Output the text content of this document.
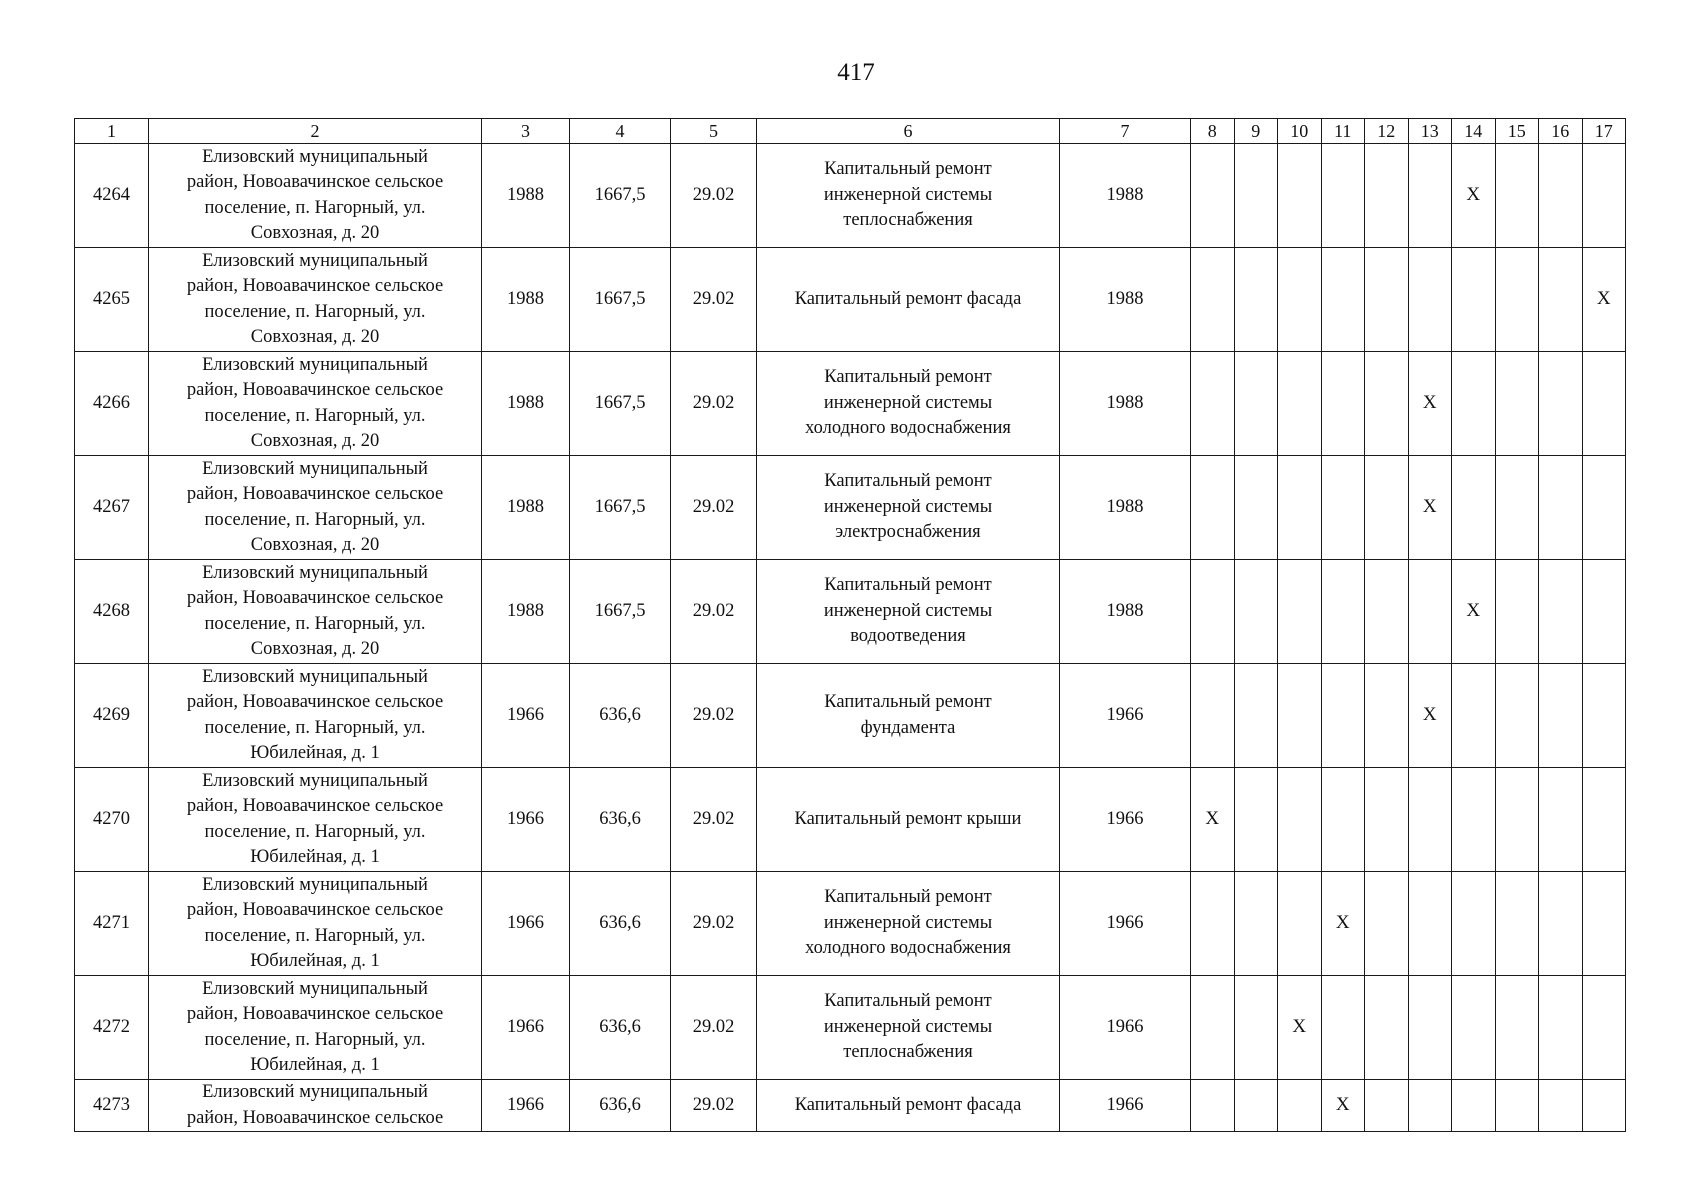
417
1	2	3	4	5	6	7	8	9	10	11	12	13	14	15	16	17
4264	Елизовский муниципальный
район, Новоавачинское сельское
поселение, п. Нагорный, ул.
Совхозная, д. 20	1988	1667,5	29.02	Капитальный ремонт
инженерной системы
теплоснабжения	1988							X			
4265	Елизовский муниципальный
район, Новоавачинское сельское
поселение, п. Нагорный, ул.
Совхозная, д. 20	1988	1667,5	29.02	Капитальный ремонт фасада	1988										X
4266	Елизовский муниципальный
район, Новоавачинское сельское
поселение, п. Нагорный, ул.
Совхозная, д. 20	1988	1667,5	29.02	Капитальный ремонт
инженерной системы
холодного водоснабжения	1988						X				
4267	Елизовский муниципальный
район, Новоавачинское сельское
поселение, п. Нагорный, ул.
Совхозная, д. 20	1988	1667,5	29.02	Капитальный ремонт
инженерной системы
электроснабжения	1988						X				
4268	Елизовский муниципальный
район, Новоавачинское сельское
поселение, п. Нагорный, ул.
Совхозная, д. 20	1988	1667,5	29.02	Капитальный ремонт
инженерной системы
водоотведения	1988							X			
4269	Елизовский муниципальный
район, Новоавачинское сельское
поселение, п. Нагорный, ул.
Юбилейная, д. 1	1966	636,6	29.02	Капитальный ремонт
фундамента	1966						X				
4270	Елизовский муниципальный
район, Новоавачинское сельское
поселение, п. Нагорный, ул.
Юбилейная, д. 1	1966	636,6	29.02	Капитальный ремонт крыши	1966	X									
4271	Елизовский муниципальный
район, Новоавачинское сельское
поселение, п. Нагорный, ул.
Юбилейная, д. 1	1966	636,6	29.02	Капитальный ремонт
инженерной системы
холодного водоснабжения	1966				X						
4272	Елизовский муниципальный
район, Новоавачинское сельское
поселение, п. Нагорный, ул.
Юбилейная, д. 1	1966	636,6	29.02	Капитальный ремонт
инженерной системы
теплоснабжения	1966			X							
4273	Елизовский муниципальный
район, Новоавачинское сельское	1966	636,6	29.02	Капитальный ремонт фасада	1966				X						
